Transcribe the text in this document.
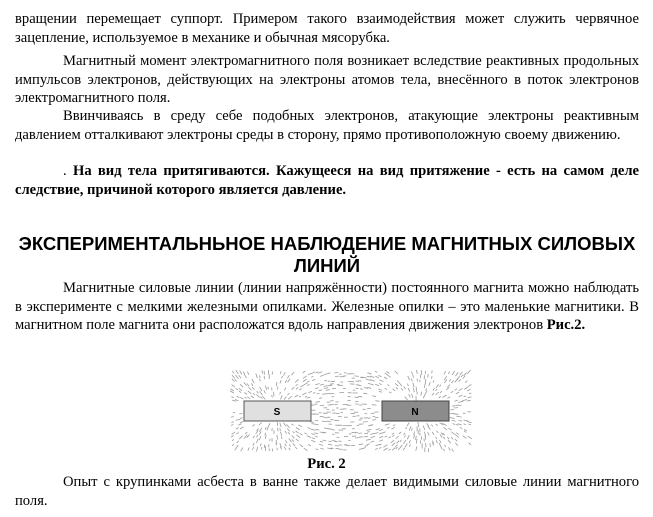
вращении перемещает суппорт. Примером такого взаимодействия может служить червячное зацепление, используемое в механике и обычная мясорубка.

Магнитный момент электромагнитного поля возникает вследствие реактивных продольных импульсов электронов, действующих на электроны атомов тела, внесённого в поток электронов электромагнитного поля.

Ввинчиваясь в среду себе подобных электронов, атакующие электроны реактивным давлением отталкивают электроны среды в сторону, прямо противоположную своему движению.

. На вид тела притягиваются. Кажущееся на вид притяжение - есть на самом деле следствие, причиной которого является давление.

ЭКСПЕРИМЕНТАЛЬНЬНОЕ НАБЛЮДЕНИЕ МАГНИТНЫХ СИЛОВЫХ ЛИНИЙ

Магнитные силовые линии (линии напряжённости) постоянного магнита можно наблюдать в эксперименте с мелкими железными опилками. Железные опилки – это маленькие магнитики. В магнитном поле магнита они расположатся вдоль направления движения электронов Рис.2.

S	N
Рис. 2

Опыт с крупинками асбеста в ванне также делает видимыми силовые линии магнитного поля.
